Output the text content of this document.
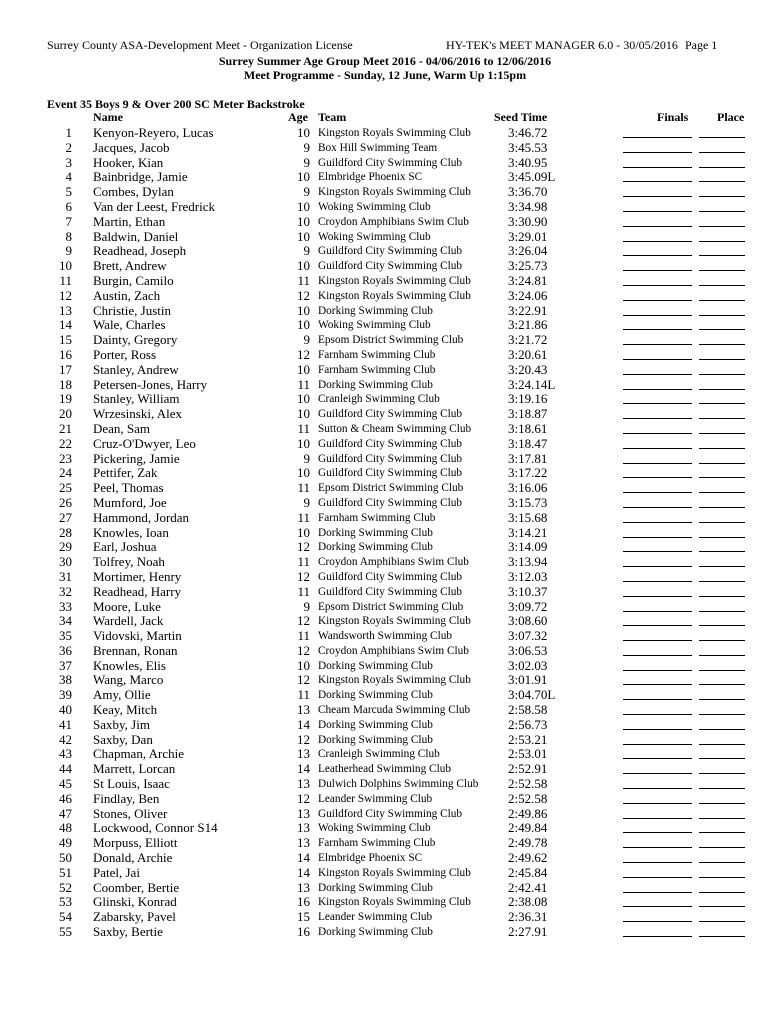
Surrey County ASA-Development Meet - Organization License	HY-TEK's MEET MANAGER 6.0 - 30/05/2016 Page 1
Surrey Summer Age Group Meet 2016 - 04/06/2016 to 12/06/2016
Meet Programme - Sunday, 12 June, Warm Up 1:15pm
Event 35 Boys 9 & Over 200 SC Meter Backstroke
Name	Age Team	Seed Time	Finals Place
1 Kenyon-Reyero, Lucas	10 Kingston Royals Swimming Club	3:46.72
2 Jacques, Jacob	9 Box Hill Swimming Team	3:45.53
3 Hooker, Kian	9 Guildford City Swimming Club	3:40.95
4 Bainbridge, Jamie	10 Elmbridge Phoenix SC	3:45.09L
5 Combes, Dylan	9 Kingston Royals Swimming Club	3:36.70
6 Van der Leest, Fredrick	10 Woking Swimming Club	3:34.98
7 Martin, Ethan	10 Croydon Amphibians Swim Club	3:30.90
8 Baldwin, Daniel	10 Woking Swimming Club	3:29.01
9 Readhead, Joseph	9 Guildford City Swimming Club	3:26.04
10 Brett, Andrew	10 Guildford City Swimming Club	3:25.73
11 Burgin, Camilo	11 Kingston Royals Swimming Club	3:24.81
12 Austin, Zach	12 Kingston Royals Swimming Club	3:24.06
13 Christie, Justin	10 Dorking Swimming Club	3:22.91
14 Wale, Charles	10 Woking Swimming Club	3:21.86
15 Dainty, Gregory	9 Epsom District Swimming Club	3:21.72
16 Porter, Ross	12 Farnham Swimming Club	3:20.61
17 Stanley, Andrew	10 Farnham Swimming Club	3:20.43
18 Petersen-Jones, Harry	11 Dorking Swimming Club	3:24.14L
19 Stanley, William	10 Cranleigh Swimming Club	3:19.16
20 Wrzesinski, Alex	10 Guildford City Swimming Club	3:18.87
21 Dean, Sam	11 Sutton & Cheam Swimming Club	3:18.61
22 Cruz-O'Dwyer, Leo	10 Guildford City Swimming Club	3:18.47
23 Pickering, Jamie	9 Guildford City Swimming Club	3:17.81
24 Pettifer, Zak	10 Guildford City Swimming Club	3:17.22
25 Peel, Thomas	11 Epsom District Swimming Club	3:16.06
26 Mumford, Joe	9 Guildford City Swimming Club	3:15.73
27 Hammond, Jordan	11 Farnham Swimming Club	3:15.68
28 Knowles, Ioan	10 Dorking Swimming Club	3:14.21
29 Earl, Joshua	12 Dorking Swimming Club	3:14.09
30 Tolfrey, Noah	11 Croydon Amphibians Swim Club	3:13.94
31 Mortimer, Henry	12 Guildford City Swimming Club	3:12.03
32 Readhead, Harry	11 Guildford City Swimming Club	3:10.37
33 Moore, Luke	9 Epsom District Swimming Club	3:09.72
34 Wardell, Jack	12 Kingston Royals Swimming Club	3:08.60
35 Vidovski, Martin	11 Wandsworth Swimming Club	3:07.32
36 Brennan, Ronan	12 Croydon Amphibians Swim Club	3:06.53
37 Knowles, Elis	10 Dorking Swimming Club	3:02.03
38 Wang, Marco	12 Kingston Royals Swimming Club	3:01.91
39 Amy, Ollie	11 Dorking Swimming Club	3:04.70L
40 Keay, Mitch	13 Cheam Marcuda Swimming Club	2:58.58
41 Saxby, Jim	14 Dorking Swimming Club	2:56.73
42 Saxby, Dan	12 Dorking Swimming Club	2:53.21
43 Chapman, Archie	13 Cranleigh Swimming Club	2:53.01
44 Marrett, Lorcan	14 Leatherhead Swimming Club	2:52.91
45 St Louis, Isaac	13 Dulwich Dolphins Swimming Club	2:52.58
46 Findlay, Ben	12 Leander Swimming Club	2:52.58
47 Stones, Oliver	13 Guildford City Swimming Club	2:49.86
48 Lockwood, Connor S14	13 Woking Swimming Club	2:49.84
49 Morpuss, Elliott	13 Farnham Swimming Club	2:49.78
50 Donald, Archie	14 Elmbridge Phoenix SC	2:49.62
51 Patel, Jai	14 Kingston Royals Swimming Club	2:45.84
52 Coomber, Bertie	13 Dorking Swimming Club	2:42.41
53 Glinski, Konrad	16 Kingston Royals Swimming Club	2:38.08
54 Zabarsky, Pavel	15 Leander Swimming Club	2:36.31
55 Saxby, Bertie	16 Dorking Swimming Club	2:27.91
